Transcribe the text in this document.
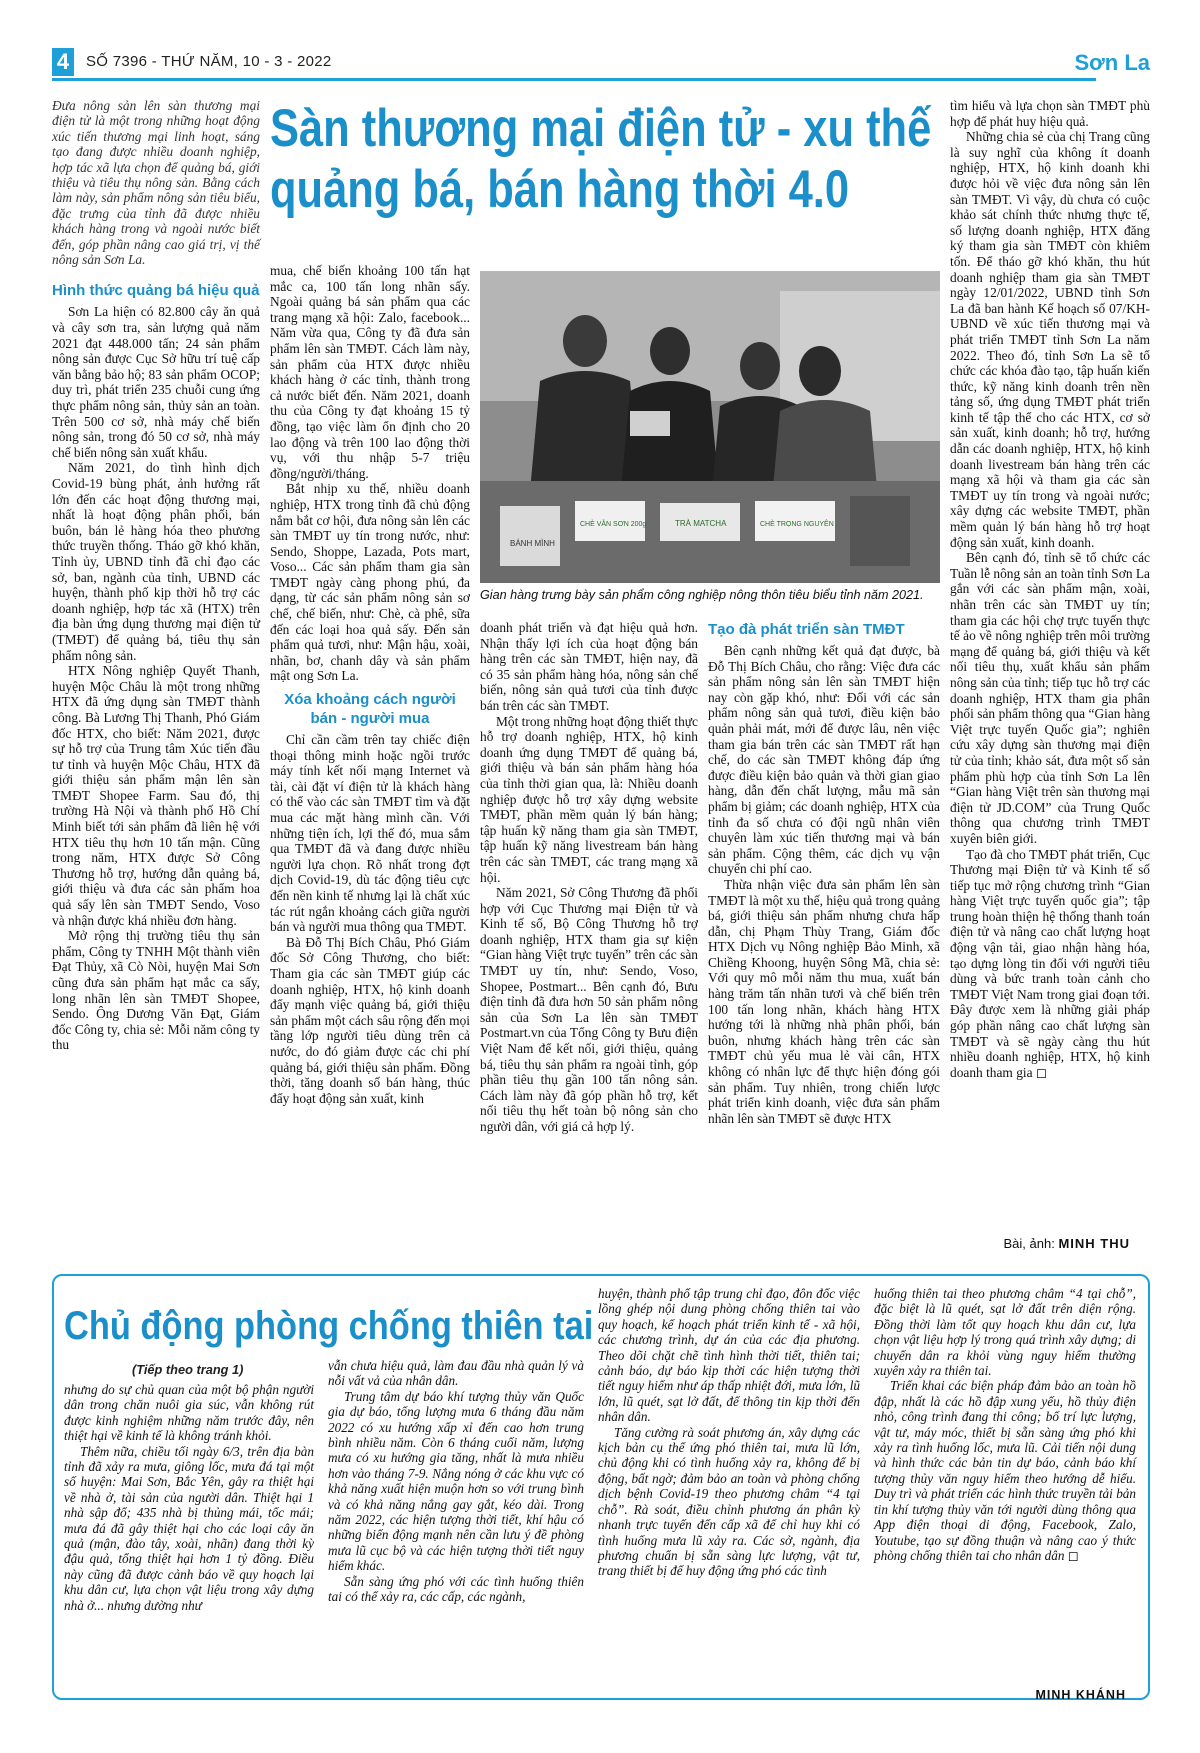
4	SỐ 7396 - THỨ NĂM, 10 - 3 - 2022	Sơn La
Sàn thương mại điện tử - xu thế
quảng bá, bán hàng thời 4.0

Đưa nông sản lên sàn thương mại điện tử là một trong những hoạt động xúc tiến thương mại linh hoạt, sáng tạo đang được nhiều doanh nghiệp, hợp tác xã lựa chọn để quảng bá, giới thiệu và tiêu thụ nông sản. Bằng cách làm này, sản phẩm nông sản tiêu biểu, đặc trưng của tỉnh đã được nhiều khách hàng trong và ngoài nước biết đến, góp phần nâng cao giá trị, vị thế nông sản Sơn La.

Hình thức quảng bá hiệu quả

Sơn La hiện có 82.800 cây ăn quả và cây sơn tra, sản lượng quả năm 2021 đạt 448.000 tấn; 24 sản phẩm nông sản được Cục Sở hữu trí tuệ cấp văn bằng bảo hộ; 83 sản phẩm OCOP; duy trì, phát triển 235 chuỗi cung ứng thực phẩm nông sản, thủy sản an toàn. Trên 500 cơ sở, nhà máy chế biến nông sản, trong đó 50 cơ sở, nhà máy chế biến nông sản xuất khẩu.

Năm 2021, do tình hình dịch Covid-19 bùng phát, ảnh hưởng rất lớn đến các hoạt động thương mại, nhất là hoạt động phân phối, bán buôn, bán lẻ hàng hóa theo phương thức truyền thống. Tháo gỡ khó khăn, Tỉnh ủy, UBND tỉnh đã chỉ đạo các sở, ban, ngành của tỉnh, UBND các huyện, thành phố kịp thời hỗ trợ các doanh nghiệp, hợp tác xã (HTX) trên địa bàn ứng dụng thương mại điện tử (TMĐT) để quảng bá, tiêu thụ sản phẩm nông sản.

HTX Nông nghiệp Quyết Thanh, huyện Mộc Châu là một trong những HTX đã ứng dụng sàn TMĐT thành công. Bà Lương Thị Thanh, Phó Giám đốc HTX, cho biết: Năm 2021, được sự hỗ trợ của Trung tâm Xúc tiến đầu tư tỉnh và huyện Mộc Châu, HTX đã giới thiệu sản phẩm mận lên sàn TMĐT Shopee Farm. Sau đó, thị trường Hà Nội và thành phố Hồ Chí Minh biết tới sản phẩm đã liên hệ với HTX tiêu thụ hơn 10 tấn mận. Cũng trong năm, HTX được Sở Công Thương hỗ trợ, hướng dẫn quảng bá, giới thiệu và đưa các sản phẩm hoa quả sấy lên sàn TMĐT Sendo, Voso và nhận được khá nhiều đơn hàng.

Mở rộng thị trường tiêu thụ sản phẩm, Công ty TNHH Một thành viên Đạt Thủy, xã Cò Nòi, huyện Mai Sơn cũng đưa sản phẩm hạt mắc ca sấy, long nhãn lên sàn TMĐT Shopee, Sendo. Ông Dương Văn Đạt, Giám đốc Công ty, chia sẻ: Mỗi năm công ty thu

mua, chế biến khoảng 100 tấn hạt mắc ca, 100 tấn long nhãn sấy. Ngoài quảng bá sản phẩm qua các trang mạng xã hội: Zalo, facebook... Năm vừa qua, Công ty đã đưa sản phẩm lên sàn TMĐT. Cách làm này, sản phẩm của HTX được nhiều khách hàng ở các tỉnh, thành trong cả nước biết đến. Năm 2021, doanh thu của Công ty đạt khoảng 15 tỷ đồng, tạo việc làm ổn định cho 20 lao động và trên 100 lao động thời vụ, với thu nhập 5-7 triệu đồng/người/tháng.

Bắt nhịp xu thế, nhiều doanh nghiệp, HTX trong tỉnh đã chủ động nắm bắt cơ hội, đưa nông sản lên các sàn TMĐT uy tín trong nước, như: Sendo, Shoppe, Lazada, Pots mart, Voso... Các sản phẩm tham gia sàn TMĐT ngày càng phong phú, đa dạng, từ các sản phẩm nông sản sơ chế, chế biến, như: Chè, cà phê, sữa đến các loại hoa quả sấy. Đến sản phẩm quả tươi, như: Mận hậu, xoài, nhãn, bơ, chanh dây và sản phẩm mật ong Sơn La.

Xóa khoảng cách người bán - người mua

Chỉ cần cầm trên tay chiếc điện thoại thông minh hoặc ngồi trước máy tính kết nối mạng Internet và tài, cài đặt ví điện tử là khách hàng có thể vào các sàn TMĐT tìm và đặt mua các mặt hàng mình cần. Với những tiện ích, lợi thế đó, mua sắm qua TMĐT đã và đang được nhiều người lựa chọn. Rõ nhất trong đợt dịch Covid-19, dù tác động tiêu cực đến nền kinh tế nhưng lại là chất xúc tác rút ngắn khoảng cách giữa người bán và người mua thông qua TMĐT.

Bà Đỗ Thị Bích Châu, Phó Giám đốc Sở Công Thương, cho biết: Tham gia các sàn TMĐT giúp các doanh nghiệp, HTX, hộ kinh doanh đẩy mạnh việc quảng bá, giới thiệu sản phẩm một cách sâu rộng đến mọi tầng lớp người tiêu dùng trên cả nước, do đó giảm được các chi phí quảng bá, giới thiệu sản phẩm. Đồng thời, tăng doanh số bán hàng, thúc đẩy hoạt động sản xuất, kinh

BÁNH MÌNH
CHÈ VẰN SƠN 200g	TRÀ MATCHA	CHÈ TRỌNG NGUYÊN
Gian hàng trưng bày sản phẩm công nghiệp nông thôn tiêu biểu tỉnh năm 2021.

doanh phát triển và đạt hiệu quả hơn. Nhận thấy lợi ích của hoạt động bán hàng trên các sàn TMĐT, hiện nay, đã có 35 sản phẩm hàng hóa, nông sản chế biến, nông sản quả tươi của tỉnh được bán trên các sàn TMĐT.

Một trong những hoạt động thiết thực hỗ trợ doanh nghiệp, HTX, hộ kinh doanh ứng dụng TMĐT để quảng bá, giới thiệu và bán sản phẩm hàng hóa của tỉnh thời gian qua, là: Nhiều doanh nghiệp được hỗ trợ xây dựng website TMĐT, phần mềm quản lý bán hàng; tập huấn kỹ năng tham gia sàn TMĐT, tập huấn kỹ năng livestream bán hàng trên các sàn TMĐT, các trang mạng xã hội.

Năm 2021, Sở Công Thương đã phối hợp với Cục Thương mại Điện tử và Kinh tế số, Bộ Công Thương hỗ trợ doanh nghiệp, HTX tham gia sự kiện “Gian hàng Việt trực tuyến” trên các sàn TMĐT uy tín, như: Sendo, Voso, Shopee, Postmart... Bên cạnh đó, Bưu điện tỉnh đã đưa hơn 50 sản phẩm nông sản của Sơn La lên sàn TMĐT Postmart.vn của Tổng Công ty Bưu điện Việt Nam để kết nối, giới thiệu, quảng bá, tiêu thụ sản phẩm ra ngoài tỉnh, góp phần tiêu thụ gần 100 tấn nông sản. Cách làm này đã góp phần hỗ trợ, kết nối tiêu thụ hết toàn bộ nông sản cho người dân, với giá cả hợp lý.

Tạo đà phát triển sàn TMĐT

Bên cạnh những kết quả đạt được, bà Đỗ Thị Bích Châu, cho rằng: Việc đưa các sản phẩm nông sản lên sàn TMĐT hiện nay còn gặp khó, như: Đối với các sản phẩm nông sản quả tươi, điều kiện bảo quản phải mát, mới để được lâu, nên việc tham gia bán trên các sàn TMĐT rất hạn chế, do các sàn TMĐT không đáp ứng được điều kiện bảo quản và thời gian giao hàng, dẫn đến chất lượng, mẫu mã sản phẩm bị giảm; các doanh nghiệp, HTX của tỉnh đa số chưa có đội ngũ nhân viên chuyên làm xúc tiến thương mại và bán sản phẩm. Cộng thêm, các dịch vụ vận chuyển chi phí cao.

Thừa nhận việc đưa sản phẩm lên sàn TMĐT là một xu thế, hiệu quả trong quảng bá, giới thiệu sản phẩm nhưng chưa hấp dẫn, chị Phạm Thùy Trang, Giám đốc HTX Dịch vụ Nông nghiệp Bảo Minh, xã Chiềng Khoong, huyện Sông Mã, chia sẻ: Với quy mô mỗi năm thu mua, xuất bán hàng trăm tấn nhãn tươi và chế biến trên 100 tấn long nhãn, khách hàng HTX hướng tới là những nhà phân phối, bán buôn, nhưng khách hàng trên các sàn TMĐT chủ yếu mua lẻ vài cân, HTX không có nhân lực để thực hiện đóng gói sản phẩm. Tuy nhiên, trong chiến lược phát triển kinh doanh, việc đưa sản phẩm nhãn lên sàn TMĐT sẽ được HTX

tìm hiểu và lựa chọn sàn TMĐT phù hợp để phát huy hiệu quả.

Những chia sẻ của chị Trang cũng là suy nghĩ của không ít doanh nghiệp, HTX, hộ kinh doanh khi được hỏi về việc đưa nông sản lên sàn TMĐT. Vì vậy, dù chưa có cuộc khảo sát chính thức nhưng thực tế, số lượng doanh nghiệp, HTX đăng ký tham gia sàn TMĐT còn khiêm tốn. Để tháo gỡ khó khăn, thu hút doanh nghiệp tham gia sàn TMĐT ngày 12/01/2022, UBND tỉnh Sơn La đã ban hành Kế hoạch số 07/KH-UBND về xúc tiến thương mại và phát triển TMĐT tỉnh Sơn La năm 2022. Theo đó, tỉnh Sơn La sẽ tổ chức các khóa đào tạo, tập huấn kiến thức, kỹ năng kinh doanh trên nền tảng số, ứng dụng TMĐT phát triển kinh tế tập thể cho các HTX, cơ sở sản xuất, kinh doanh; hỗ trợ, hướng dẫn các doanh nghiệp, HTX, hộ kinh doanh livestream bán hàng trên các mạng xã hội và tham gia các sàn TMĐT uy tín trong và ngoài nước; xây dựng các website TMĐT, phần mềm quản lý bán hàng hỗ trợ hoạt động sản xuất, kinh doanh.

Bên cạnh đó, tỉnh sẽ tổ chức các Tuần lễ nông sản an toàn tỉnh Sơn La gắn với các sàn phẩm mận, xoài, nhãn trên các sàn TMĐT uy tín; tham gia các hội chợ trực tuyến thực tế ảo về nông nghiệp trên môi trường mạng để quảng bá, giới thiệu và kết nối tiêu thụ, xuất khẩu sản phẩm nông sản của tỉnh; tiếp tục hỗ trợ các doanh nghiệp, HTX tham gia phân phối sản phẩm thông qua “Gian hàng Việt trực tuyến Quốc gia”; nghiên cứu xây dựng sàn thương mại điện tử của tỉnh; khảo sát, đưa một số sản phẩm phù hợp của tỉnh Sơn La lên “Gian hàng Việt trên sàn thương mại điện tử JD.COM” của Trung Quốc thông qua chương trình TMĐT xuyên biên giới.

Tạo đà cho TMĐT phát triển, Cục Thương mại Điện tử và Kinh tế số tiếp tục mở rộng chương trình “Gian hàng Việt trực tuyến quốc gia”; tập trung hoàn thiện hệ thống thanh toán điện tử và nâng cao chất lượng hoạt động vận tải, giao nhận hàng hóa, tạo dựng lòng tin đối với người tiêu dùng và bức tranh toàn cảnh cho TMĐT Việt Nam trong giai đoạn tới. Đây được xem là những giải pháp góp phần nâng cao chất lượng sàn TMĐT và sẽ ngày càng thu hút nhiều doanh nghiệp, HTX, hộ kinh doanh tham gia ◻

Bài, ảnh: MINH THU
Chủ động phòng chống thiên tai
(Tiếp theo trang 1)

nhưng do sự chủ quan của một bộ phận người dân trong chăn nuôi gia súc, vẫn không rút được kinh nghiệm những năm trước đây, nên thiệt hại về kinh tế là không tránh khỏi.

Thêm nữa, chiều tối ngày 6/3, trên địa bàn tỉnh đã xảy ra mưa, giông lốc, mưa đá tại một số huyện: Mai Sơn, Bắc Yên, gây ra thiệt hại về nhà ở, tài sản của người dân. Thiệt hại 1 nhà sập đổ; 435 nhà bị thủng mái, tốc mái; mưa đá đã gây thiệt hại cho các loại cây ăn quả (mận, đào tây, xoài, nhãn) đang thời kỳ đậu quả, tổng thiệt hại hơn 1 tỷ đồng. Điều này cũng đã được cảnh báo về quy hoạch lại khu dân cư, lựa chọn vật liệu trong xây dựng nhà ở... nhưng dường như

vẫn chưa hiệu quả, làm đau đầu nhà quản lý và nỗi vất vả của nhân dân.

Trung tâm dự báo khí tượng thủy văn Quốc gia dự báo, tổng lượng mưa 6 tháng đầu năm 2022 có xu hướng xấp xỉ đến cao hơn trung bình nhiều năm. Còn 6 tháng cuối năm, lượng mưa có xu hướng gia tăng, nhất là mưa nhiều hơn vào tháng 7-9. Nắng nóng ở các khu vực có khả năng xuất hiện muộn hơn so với trung bình và có khả năng nắng gay gắt, kéo dài. Trong năm 2022, các hiện tượng thời tiết, khí hậu có những biến động mạnh nên cần lưu ý đề phòng mưa lũ cục bộ và các hiện tượng thời tiết nguy hiểm khác.

Sẵn sàng ứng phó với các tình huống thiên tai có thể xảy ra, các cấp, các ngành,

huyện, thành phố tập trung chỉ đạo, đôn đốc việc lồng ghép nội dung phòng chống thiên tai vào quy hoạch, kế hoạch phát triển kinh tế - xã hội, các chương trình, dự án của các địa phương. Theo dõi chặt chẽ tình hình thời tiết, thiên tai; cảnh báo, dự báo kịp thời các hiện tượng thời tiết nguy hiểm như áp thấp nhiệt đới, mưa lớn, lũ lớn, lũ quét, sạt lở đất, để thông tin kịp thời đến nhân dân.

Tăng cường rà soát phương án, xây dựng các kịch bản cụ thể ứng phó thiên tai, mưa lũ lớn, chủ động khi có tình huống xảy ra, không để bị động, bất ngờ; đảm bảo an toàn và phòng chống dịch bệnh Covid-19 theo phương châm “4 tại chỗ”. Rà soát, điều chỉnh phương án phân kỳ nhanh trực tuyến đến cấp xã để chỉ huy khi có tình huống mưa lũ xảy ra. Các sở, ngành, địa phương chuẩn bị sẵn sàng lực lượng, vật tư, trang thiết bị để huy động ứng phó các tình

huống thiên tai theo phương châm “4 tại chỗ”, đặc biệt là lũ quét, sạt lở đất trên diện rộng. Đồng thời làm tốt quy hoạch khu dân cư, lựa chọn vật liệu hợp lý trong quá trình xây dựng; di chuyển dân ra khỏi vùng nguy hiểm thường xuyên xảy ra thiên tai.

Triển khai các biện pháp đảm bảo an toàn hồ đập, nhất là các hồ đập xung yếu, hồ thủy điện nhỏ, công trình đang thi công; bố trí lực lượng, vật tư, máy móc, thiết bị sẵn sàng ứng phó khi xảy ra tình huống lốc, mưa lũ. Cải tiến nội dung và hình thức các bản tin dự báo, cảnh báo khí tượng thủy văn nguy hiểm theo hướng dễ hiểu. Duy trì và phát triển các hình thức truyền tải bản tin khí tượng thủy văn tới người dùng thông qua App điện thoại di động, Facebook, Zalo, Youtube, tạo sự đồng thuận và nâng cao ý thức phòng chống thiên tai cho nhân dân ◻

MINH KHÁNH
